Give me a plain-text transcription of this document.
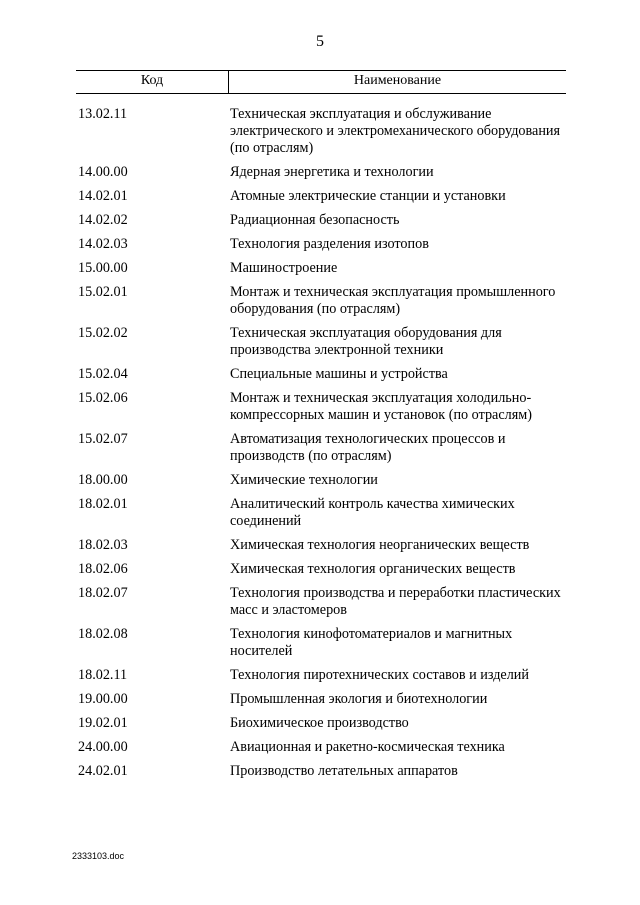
5
Код	Наименование
13.02.11	Техническая эксплуатация и обслуживание электрического и электромеханического оборудования (по отраслям)
14.00.00	Ядерная энергетика и технологии
14.02.01	Атомные электрические станции и установки
14.02.02	Радиационная безопасность
14.02.03	Технология разделения изотопов
15.00.00	Машиностроение
15.02.01	Монтаж и техническая эксплуатация промышленного оборудования (по отраслям)
15.02.02	Техническая эксплуатация оборудования для производства электронной техники
15.02.04	Специальные машины и устройства
15.02.06	Монтаж и техническая эксплуатация холодильно-компрессорных машин и установок (по отраслям)
15.02.07	Автоматизация технологических процессов и производств (по отраслям)
18.00.00	Химические технологии
18.02.01	Аналитический контроль качества химических соединений
18.02.03	Химическая технология неорганических веществ
18.02.06	Химическая технология органических веществ
18.02.07	Технология производства и переработки пластических масс и эластомеров
18.02.08	Технология кинофотоматериалов и магнитных носителей
18.02.11	Технология пиротехнических составов и изделий
19.00.00	Промышленная экология и биотехнологии
19.02.01	Биохимическое производство
24.00.00	Авиационная и ракетно-космическая техника
24.02.01	Производство летательных аппаратов
2333103.doc
